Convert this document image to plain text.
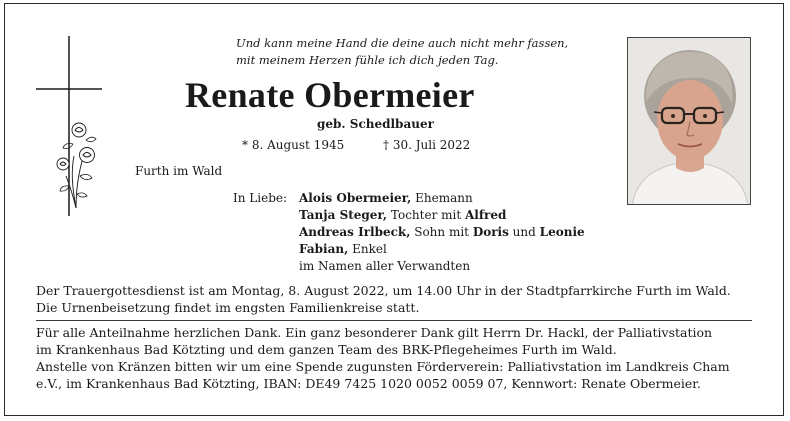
Und kann meine Hand die deine auch nicht mehr fassen,
mit meinem Herzen fühle ich dich jeden Tag.
Renate Obermeier
geb. Schedlbauer
* 8. August 1945	† 30. Juli 2022
Furth im Wald
In Liebe: Alois Obermeier, Ehemann
Tanja Steger, Tochter mit Alfred
Andreas Irlbeck, Sohn mit Doris und Leonie
Fabian, Enkel
im Namen aller Verwandten
Der Trauergottesdienst ist am Montag, 8. August 2022, um 14.00 Uhr in der Stadtpfarrkirche Furth im Wald.
Die Urnenbeisetzung findet im engsten Familienkreise statt.
Für alle Anteilnahme herzlichen Dank. Ein ganz besonderer Dank gilt Herrn Dr. Hackl, der Palliativstation
im Krankenhaus Bad Kötzting und dem ganzen Team des BRK-Pflegeheimes Furth im Wald.
Anstelle von Kränzen bitten wir um eine Spende zugunsten Förderverein: Palliativstation im Landkreis Cham
e.V., im Krankenhaus Bad Kötzting, IBAN: DE49 7425 1020 0052 0059 07, Kennwort: Renate Obermeier.
